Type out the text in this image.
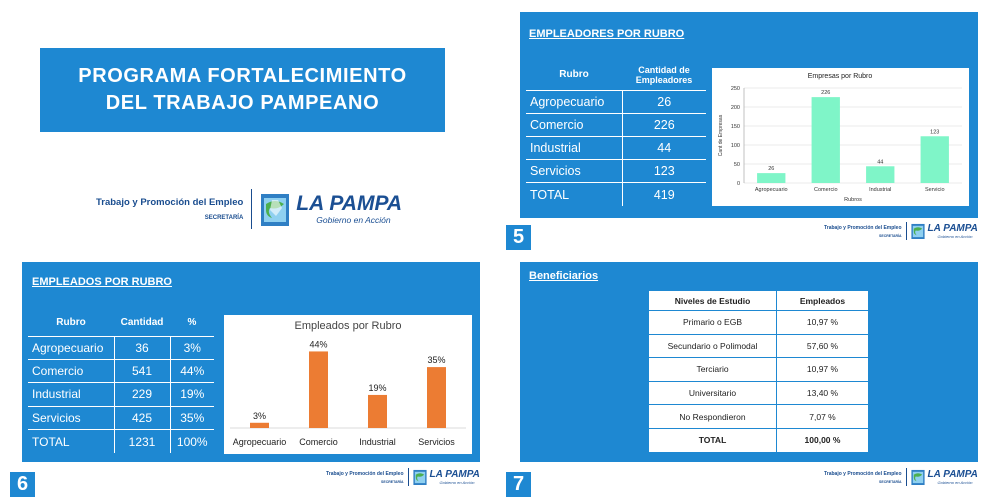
PROGRAMA FORTALECIMIENTO
DEL TRABAJO PAMPEANO
Trabajo y Promoción del Empleo
SECRETARÍA
LA PAMPA
Gobierno en Acción
EMPLEADORES POR RUBRO
Rubro	Cantidad de Empleadores
Agropecuario	26
Comercio	226
Industrial	44
Servicios	123
TOTAL	419
Empresas por Rubro
0
50
100
150
200
250
26
Agropecuario
226
Comercio
44
Industrial
123
Servicio
Rubros
Cant de Empresas
5	Trabajo y Promoción del Empleo
SECRETARÍA
LA PAMPA
Gobierno en Acción
EMPLEADOS POR RUBRO
Rubro	Cantidad	%
Agropecuario	36	3%
Comercio	541	44%
Industrial	229	19%
Servicios	425	35%
TOTAL	1231	100%
Empleados por Rubro
3%
Agropecuario
44%
Comercio
19%
Industrial
35%
Servicios
6	Trabajo y Promoción del Empleo
SECRETARÍA
LA PAMPA
Gobierno en Acción
Beneficiarios
Niveles de Estudio	Empleados
Primario o EGB	10,97 %
Secundario o Polimodal	57,60 %
Terciario	10,97 %
Universitario	13,40 %
No Respondieron	7,07 %
TOTAL	100,00 %
7	Trabajo y Promoción del Empleo
SECRETARÍA
LA PAMPA
Gobierno en Acción
